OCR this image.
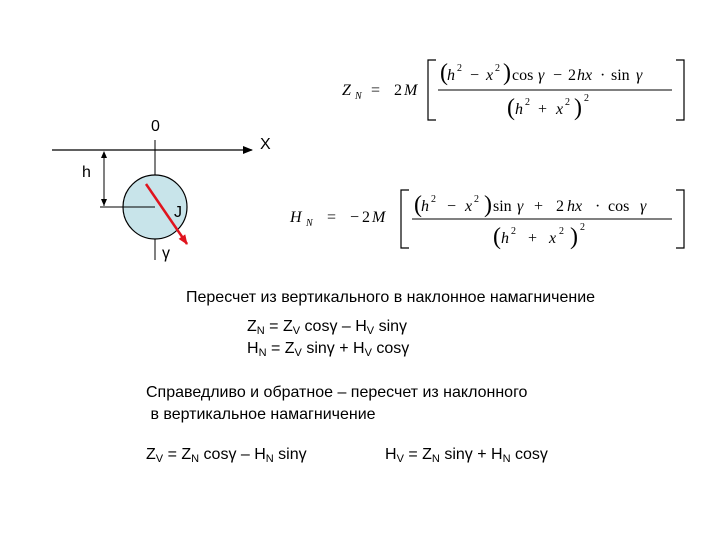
0
X
h
J
γ
Z N = 2 M
( h 2 − x 2 ) cos γ − 2 hx · sin γ
( h 2 + x 2 ) 2
H N = − 2 M ( h 2 − x 2 ) sin γ + 2 hx · cos γ
( h 2 + x 2 ) 2
Пересчет из вертикального в наклонное намагничение
$Z_N = Z_V$ cosγ – $H_V$ sinγ
$H_N = Z_V$ $\sin\gamma + H_V$ cosγ
Справедливо и обратное – пересчет из наклонного
в вертикальное намагничение
$Z_V = Z_N$ cosγ – $H_N$ sinγ	$H_V = Z_N$ $\sin\gamma + H_N$ cosγ
